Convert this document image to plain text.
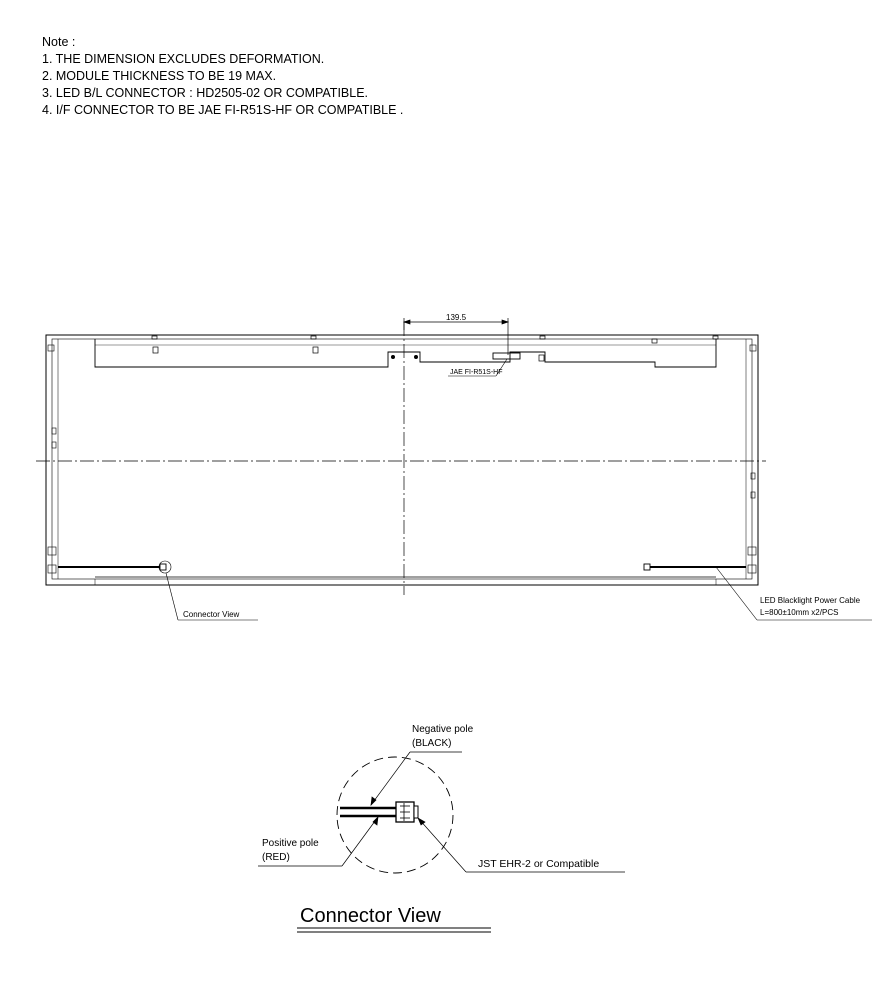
Note :
1. THE DIMENSION EXCLUDES DEFORMATION.
2. MODULE THICKNESS TO BE 19 MAX.
3. LED B/L CONNECTOR : HD2505-02 OR COMPATIBLE.
4. I/F CONNECTOR TO BE JAE FI-R51S-HF OR COMPATIBLE .
139.5
JAE FI-R51S-HF
Connector View
LED Blacklight Power Cable
L=800±10mm x2/PCS
Negative pole
(BLACK)
Positive pole
(RED)
JST EHR-2 or Compatible
Connector View
